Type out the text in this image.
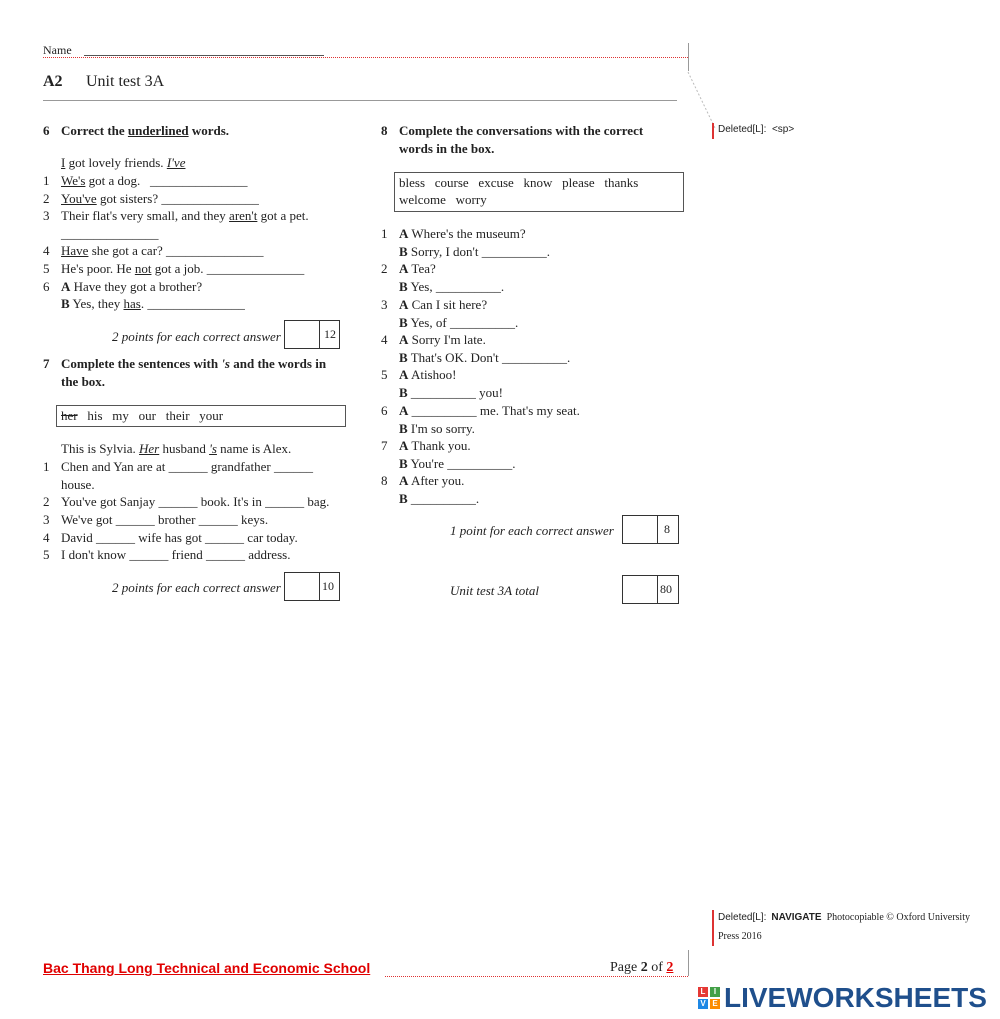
Name
A2 Unit test 3A
Deleted[L]: <sp>
6 Correct the underlined words.
I got lovely friends. I've
1 We's got a dog. _______________
2 You've got sisters? _______________
3 Their flat's very small, and they aren't got a pet.
_______________
4 Have she got a car? _______________
5 He's poor. He not got a job. _______________
6 A Have they got a brother?
B Yes, they has. _______________
2 points for each correct answer	12
7 Complete the sentences with 's and the words in
the box.
her his   my   our   their   your
This is Sylvia. Her husband 's name is Alex.
1 Chen and Yan are at ______ grandfather ______
house.
2 You've got Sanjay ______ book. It's in ______ bag.
3 We've got ______ brother ______ keys.
4 David ______ wife has got ______ car today.
5 I don't know ______ friend ______ address.
2 points for each correct answer	10
8 Complete the conversations with the correct
words in the box.
bless   course   excuse   know   please   thanks
welcome   worry
1 A Where's the museum?
B Sorry, I don't __________.
2 A Tea?
B Yes, __________.
3 A Can I sit here?
B Yes, of __________.
4 A Sorry I'm late.
B That's OK. Don't __________.
5 A Atishoo!
B __________ you!
6 A __________ me. That's my seat.
B I'm so sorry.
7 A Thank you.
B You're __________.
8 A After you.
B __________.
1 point for each correct answer	8
Unit test 3A total	80
Deleted[L]: NAVIGATE Photocopiable © Oxford University
Press 2016
Bac Thang Long Technical and Economic School	Page 2 of 2
L	I
V E LIVEWORKSHEETS
